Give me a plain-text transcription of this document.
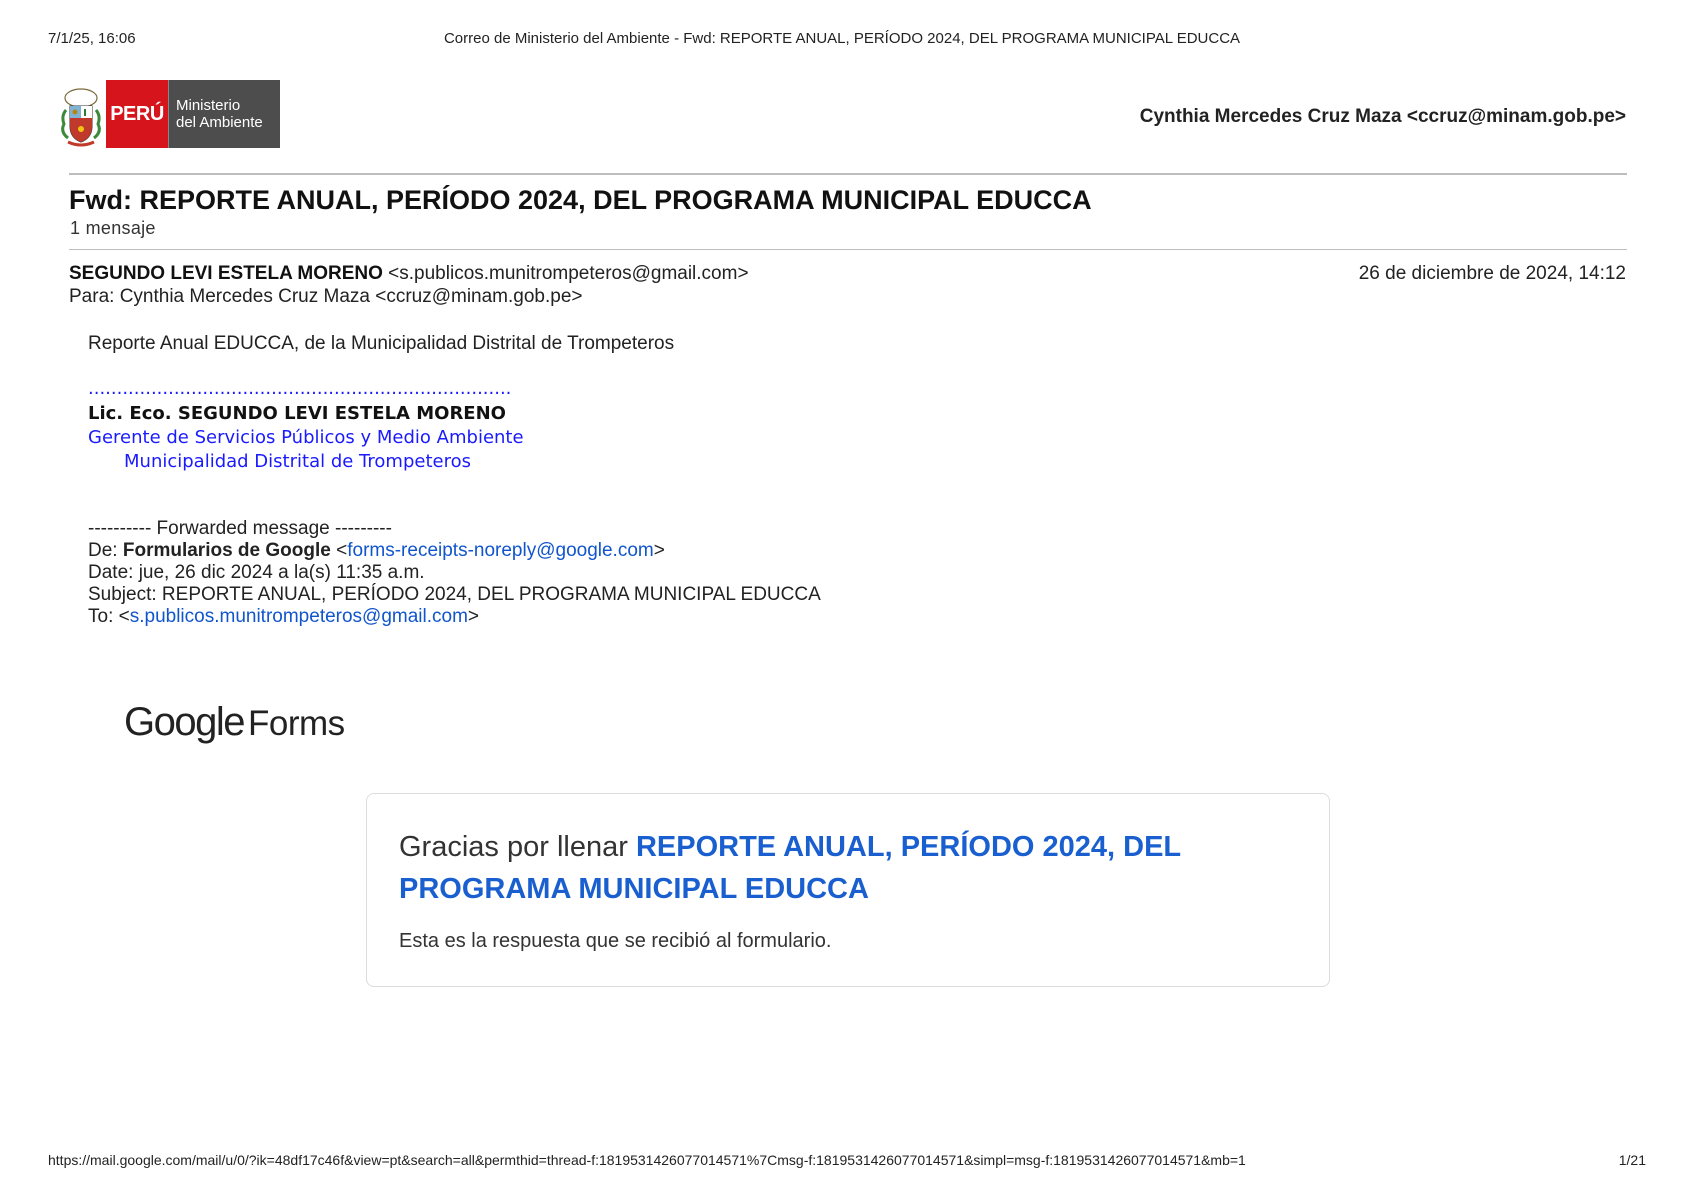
7/1/25, 16:06	Correo de Ministerio del Ambiente - Fwd: REPORTE ANUAL, PERÍODO 2024, DEL PROGRAMA MUNICIPAL EDUCCA
PERÚ Ministerio
del Ambiente	Cynthia Mercedes Cruz Maza <ccruz@minam.gob.pe>
Fwd: REPORTE ANUAL, PERÍODO 2024, DEL PROGRAMA MUNICIPAL EDUCCA
1 mensaje
SEGUNDO LEVI ESTELA MORENO <s.publicos.munitrompeteros@gmail.com>	26 de diciembre de 2024, 14:12
Para: Cynthia Mercedes Cruz Maza <ccruz@minam.gob.pe>
Reporte Anual EDUCCA, de la Municipalidad Distrital de Trompeteros
..........................................................................
Lic. Eco. SEGUNDO LEVI ESTELA MORENO
Gerente de Servicios Públicos y Medio Ambiente
Municipalidad Distrital de Trompeteros
---------- Forwarded message ---------
De: Formularios de Google <forms-receipts-noreply@google.com>
Date: jue, 26 dic 2024 a la(s) 11:35 a.m.
Subject: REPORTE ANUAL, PERÍODO 2024, DEL PROGRAMA MUNICIPAL EDUCCA
To: <s.publicos.munitrompeteros@gmail.com>
Google Forms
Gracias por llenar REPORTE ANUAL, PERÍODO 2024, DEL PROGRAMA MUNICIPAL EDUCCA
Esta es la respuesta que se recibió al formulario.
https://mail.google.com/mail/u/0/?ik=48df17c46f&view=pt&search=all&permthid=thread-f:1819531426077014571%7Cmsg-f:1819531426077014571&simpl=msg-f:1819531426077014571&mb=1	1/21
